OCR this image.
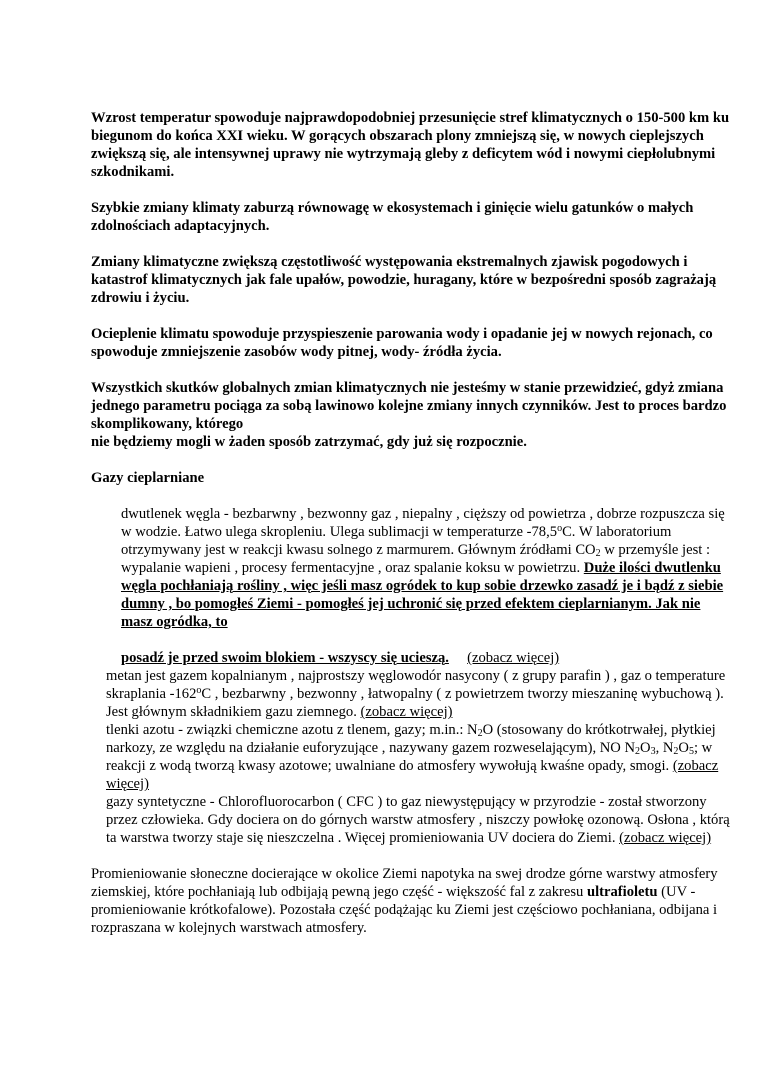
Wzrost temperatur spowoduje najprawdopodobniej przesunięcie stref klimatycznych o 150-500 km ku biegunom do końca XXI wieku. W gorących obszarach plony zmniejszą się, w nowych cieplejszych zwiększą się, ale intensywnej uprawy nie wytrzymają gleby z deficytem wód i nowymi ciepłolubnymi szkodnikami.

Szybkie zmiany klimaty zaburzą równowagę w ekosystemach i ginięcie wielu gatunków o małych zdolnościach adaptacyjnych.

Zmiany klimatyczne zwiększą częstotliwość występowania ekstremalnych zjawisk pogodowych i katastrof klimatycznych jak fale upałów, powodzie, huragany, które w bezpośredni sposób zagrażają zdrowiu i życiu.

Ocieplenie klimatu spowoduje przyspieszenie parowania wody i opadanie jej w nowych rejonach, co spowoduje zmniejszenie zasobów wody pitnej, wody- źródła życia.

Wszystkich skutków globalnych zmian klimatycznych nie jesteśmy w stanie przewidzieć, gdyż zmiana jednego parametru pociąga za sobą lawinowo kolejne zmiany innych czynników. Jest to proces bardzo skomplikowany, którego

nie będziemy mogli w żaden sposób zatrzymać, gdy już się rozpocznie.

Gazy cieplarniane

dwutlenek węgla - bezbarwny , bezwonny gaz , niepalny , cięższy od powietrza , dobrze rozpuszcza się w wodzie. Łatwo ulega skropleniu. Ulega sublimacji w temperaturze -78,5$^o$C. W laboratorium otrzymywany jest w reakcji kwasu solnego z marmurem. Głównym źródłami $CO_2$ w przemyśle jest : wypalanie wapieni , procesy fermentacyjne , oraz spalanie koksu w powietrzu. Duże ilości dwutlenku węgla pochłaniają rośliny , więc jeśli masz ogródek to kup sobie drzewko zasadź je i bądź z siebie dumny , bo pomogłeś Ziemi - pomogłeś jej uchronić się przed efektem cieplarnianym. Jak nie masz ogródka, to

posadź je przed swoim blokiem - wszyscy się ucieszą. (zobacz więcej)

metan jest gazem kopalnianym , najprostszy węglowodór nasycony ( z grupy parafin ) , gaz o temperature skraplania -162$^o$C , bezbarwny , bezwonny , łatwopalny ( z powietrzem tworzy mieszaninę wybuchową ). Jest głównym składnikiem gazu ziemnego. (zobacz więcej)

tlenki azotu - związki chemiczne azotu z tlenem, gazy; m.in.: $N_2O$ (stosowany do krótkotrwałej, płytkiej narkozy, ze względu na działanie euforyzujące , nazywany gazem rozweselającym), NO $N_2O_3$, $N_2O_5$; w reakcji z wodą tworzą kwasy azotowe; uwalniane do atmosfery wywołują kwaśne opady, smogi. (zobacz więcej)

gazy syntetyczne - Chlorofluorocarbon ( CFC ) to gaz niewystępujący w przyrodzie - został stworzony przez człowieka. Gdy dociera on do górnych warstw atmosfery , niszczy powłokę ozonową. Osłona , którą ta warstwa tworzy staje się nieszczelna . Więcej promieniowania UV dociera do Ziemi. (zobacz więcej)

Promieniowanie słoneczne docierające w okolice Ziemi napotyka na swej drodze górne warstwy atmosfery ziemskiej, które pochłaniają lub odbijają pewną jego część - większość fal z zakresu ultrafioletu (UV - promieniowanie krótkofalowe). Pozostała część podążając ku Ziemi jest częściowo pochłaniana, odbijana i rozpraszana w kolejnych warstwach atmosfery.
